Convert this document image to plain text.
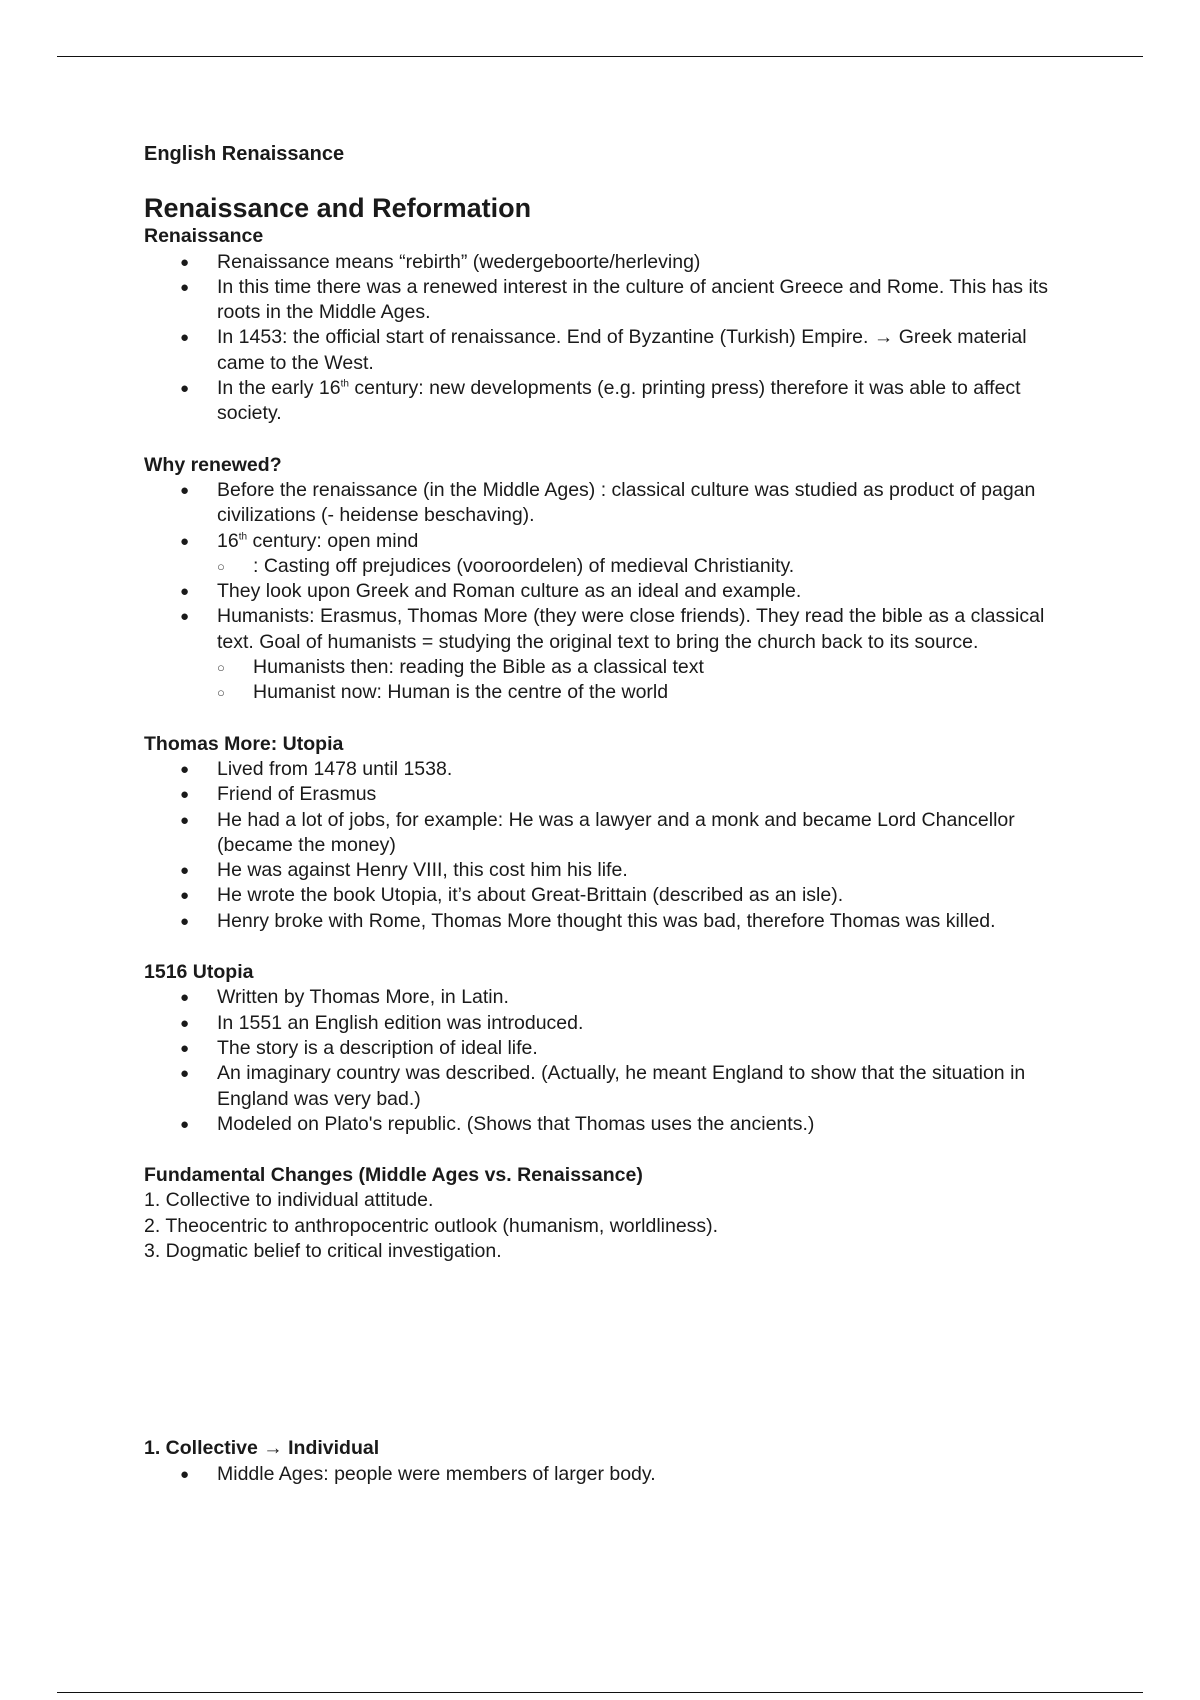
English Renaissance
Renaissance and Reformation
Renaissance
● Renaissance means “rebirth” (wedergeboorte/herleving)
● In this time there was a renewed interest in the culture of ancient Greece and Rome. This has its roots in the Middle Ages.
● In 1453: the official start of renaissance. End of Byzantine (Turkish) Empire. → Greek material came to the West.
● In the early 16th century: new developments (e.g. printing press) therefore it was able to affect society.
Why renewed?
● Before the renaissance (in the Middle Ages) : classical culture was studied as product of pagan civilizations (- heidense beschaving).
● 16th century: open mind
○ : Casting off prejudices (vooroordelen) of medieval Christianity.
● They look upon Greek and Roman culture as an ideal and example.
● Humanists: Erasmus, Thomas More (they were close friends). They read the bible as a classical text. Goal of humanists = studying the original text to bring the church back to its source.
○ Humanists then: reading the Bible as a classical text
○ Humanist now: Human is the centre of the world
Thomas More: Utopia
● Lived from 1478 until 1538.
● Friend of Erasmus
● He had a lot of jobs, for example: He was a lawyer and a monk and became Lord Chancellor (became the money)
● He was against Henry VIII, this cost him his life.
● He wrote the book Utopia, it’s about Great-Brittain (described as an isle).
● Henry broke with Rome, Thomas More thought this was bad, therefore Thomas was killed.
1516 Utopia
● Written by Thomas More, in Latin.
● In 1551 an English edition was introduced.
● The story is a description of ideal life.
● An imaginary country was described. (Actually, he meant England to show that the situation in England was very bad.)
● Modeled on Plato's republic. (Shows that Thomas uses the ancients.)
Fundamental Changes (Middle Ages vs. Renaissance)
1. Collective to individual attitude.
2. Theocentric to anthropocentric outlook (humanism, worldliness).
3. Dogmatic belief to critical investigation.
1. Collective → Individual
● Middle Ages: people were members of larger body.
